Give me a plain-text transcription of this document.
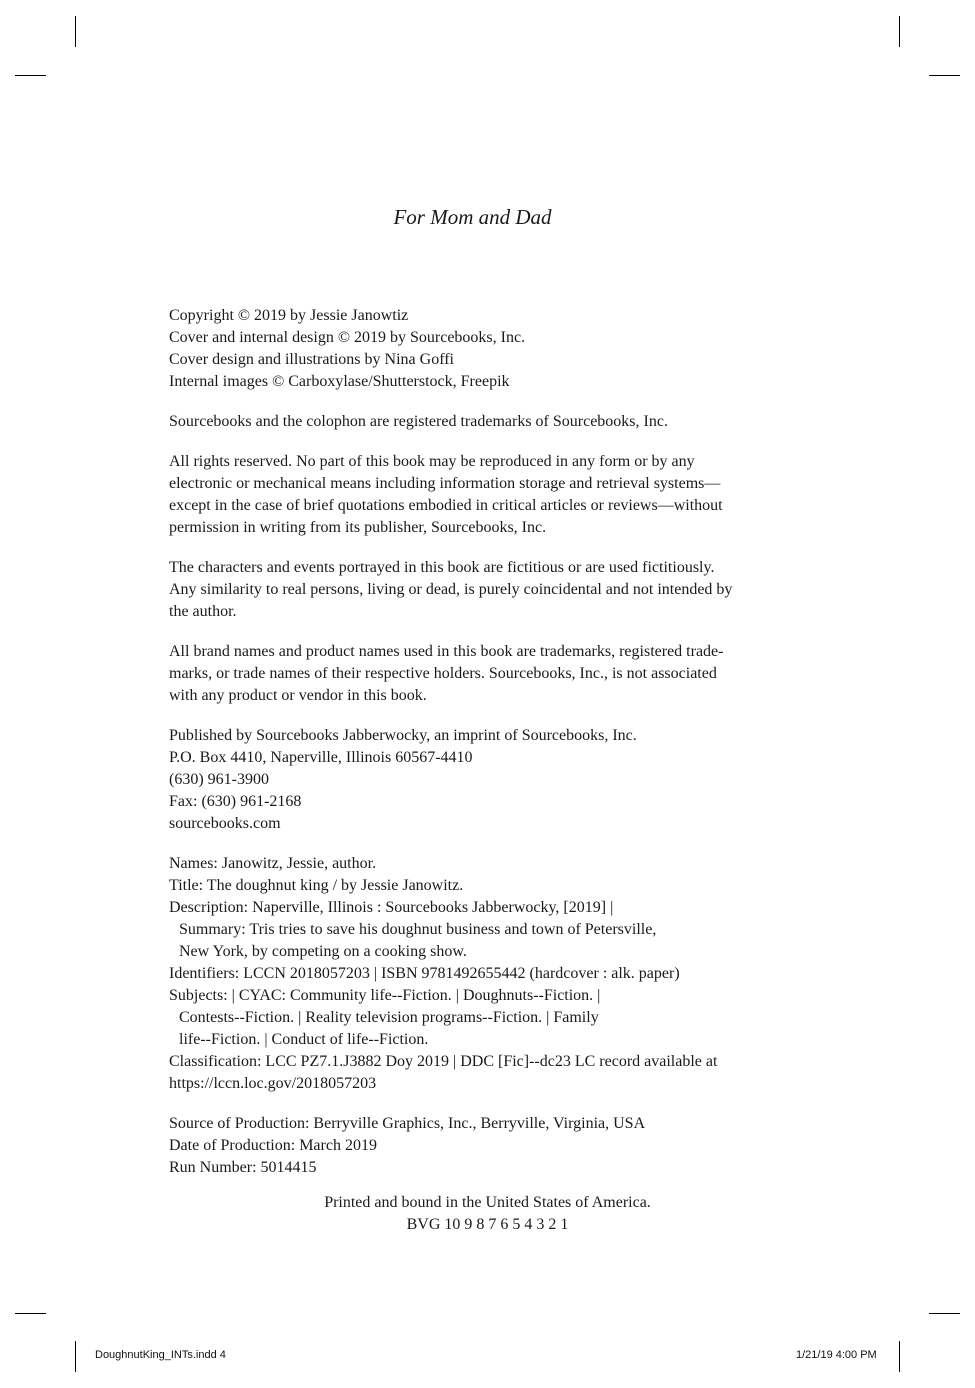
For Mom and Dad

Copyright © 2019 by Jessie Janowtiz
Cover and internal design © 2019 by Sourcebooks, Inc.
Cover design and illustrations by Nina Goffi
Internal images © Carboxylase/Shutterstock, Freepik

Sourcebooks and the colophon are registered trademarks of Sourcebooks, Inc.

All rights reserved. No part of this book may be reproduced in any form or by any
electronic or mechanical means including information storage and retrieval systems—
except in the case of brief quotations embodied in critical articles or reviews—without
permission in writing from its publisher, Sourcebooks, Inc.

The characters and events portrayed in this book are fictitious or are used fictitiously.
Any similarity to real persons, living or dead, is purely coincidental and not intended by
the author.

All brand names and product names used in this book are trademarks, registered trade-
marks, or trade names of their respective holders. Sourcebooks, Inc., is not associated
with any product or vendor in this book.

Published by Sourcebooks Jabberwocky, an imprint of Sourcebooks, Inc.
P.O. Box 4410, Naperville, Illinois 60567-4410
(630) 961-3900
Fax: (630) 961-2168
sourcebooks.com

Names: Janowitz, Jessie, author.
Title: The doughnut king / by Jessie Janowitz.
Description: Naperville, Illinois : Sourcebooks Jabberwocky, [2019] |
Summary: Tris tries to save his doughnut business and town of Petersville,
New York, by competing on a cooking show.
Identifiers: LCCN 2018057203 | ISBN 9781492655442 (hardcover : alk. paper)
Subjects: | CYAC: Community life--Fiction. | Doughnuts--Fiction. |
Contests--Fiction. | Reality television programs--Fiction. | Family
life--Fiction. | Conduct of life--Fiction.
Classification: LCC PZ7.1.J3882 Doy 2019 | DDC [Fic]--dc23 LC record available at
https://lccn.loc.gov/2018057203

Source of Production: Berryville Graphics, Inc., Berryville, Virginia, USA
Date of Production: March 2019
Run Number: 5014415

Printed and bound in the United States of America.
BVG 10 9 8 7 6 5 4 3 2 1
DoughnutKing_INTs.indd 4	1/21/19 4:00 PM
